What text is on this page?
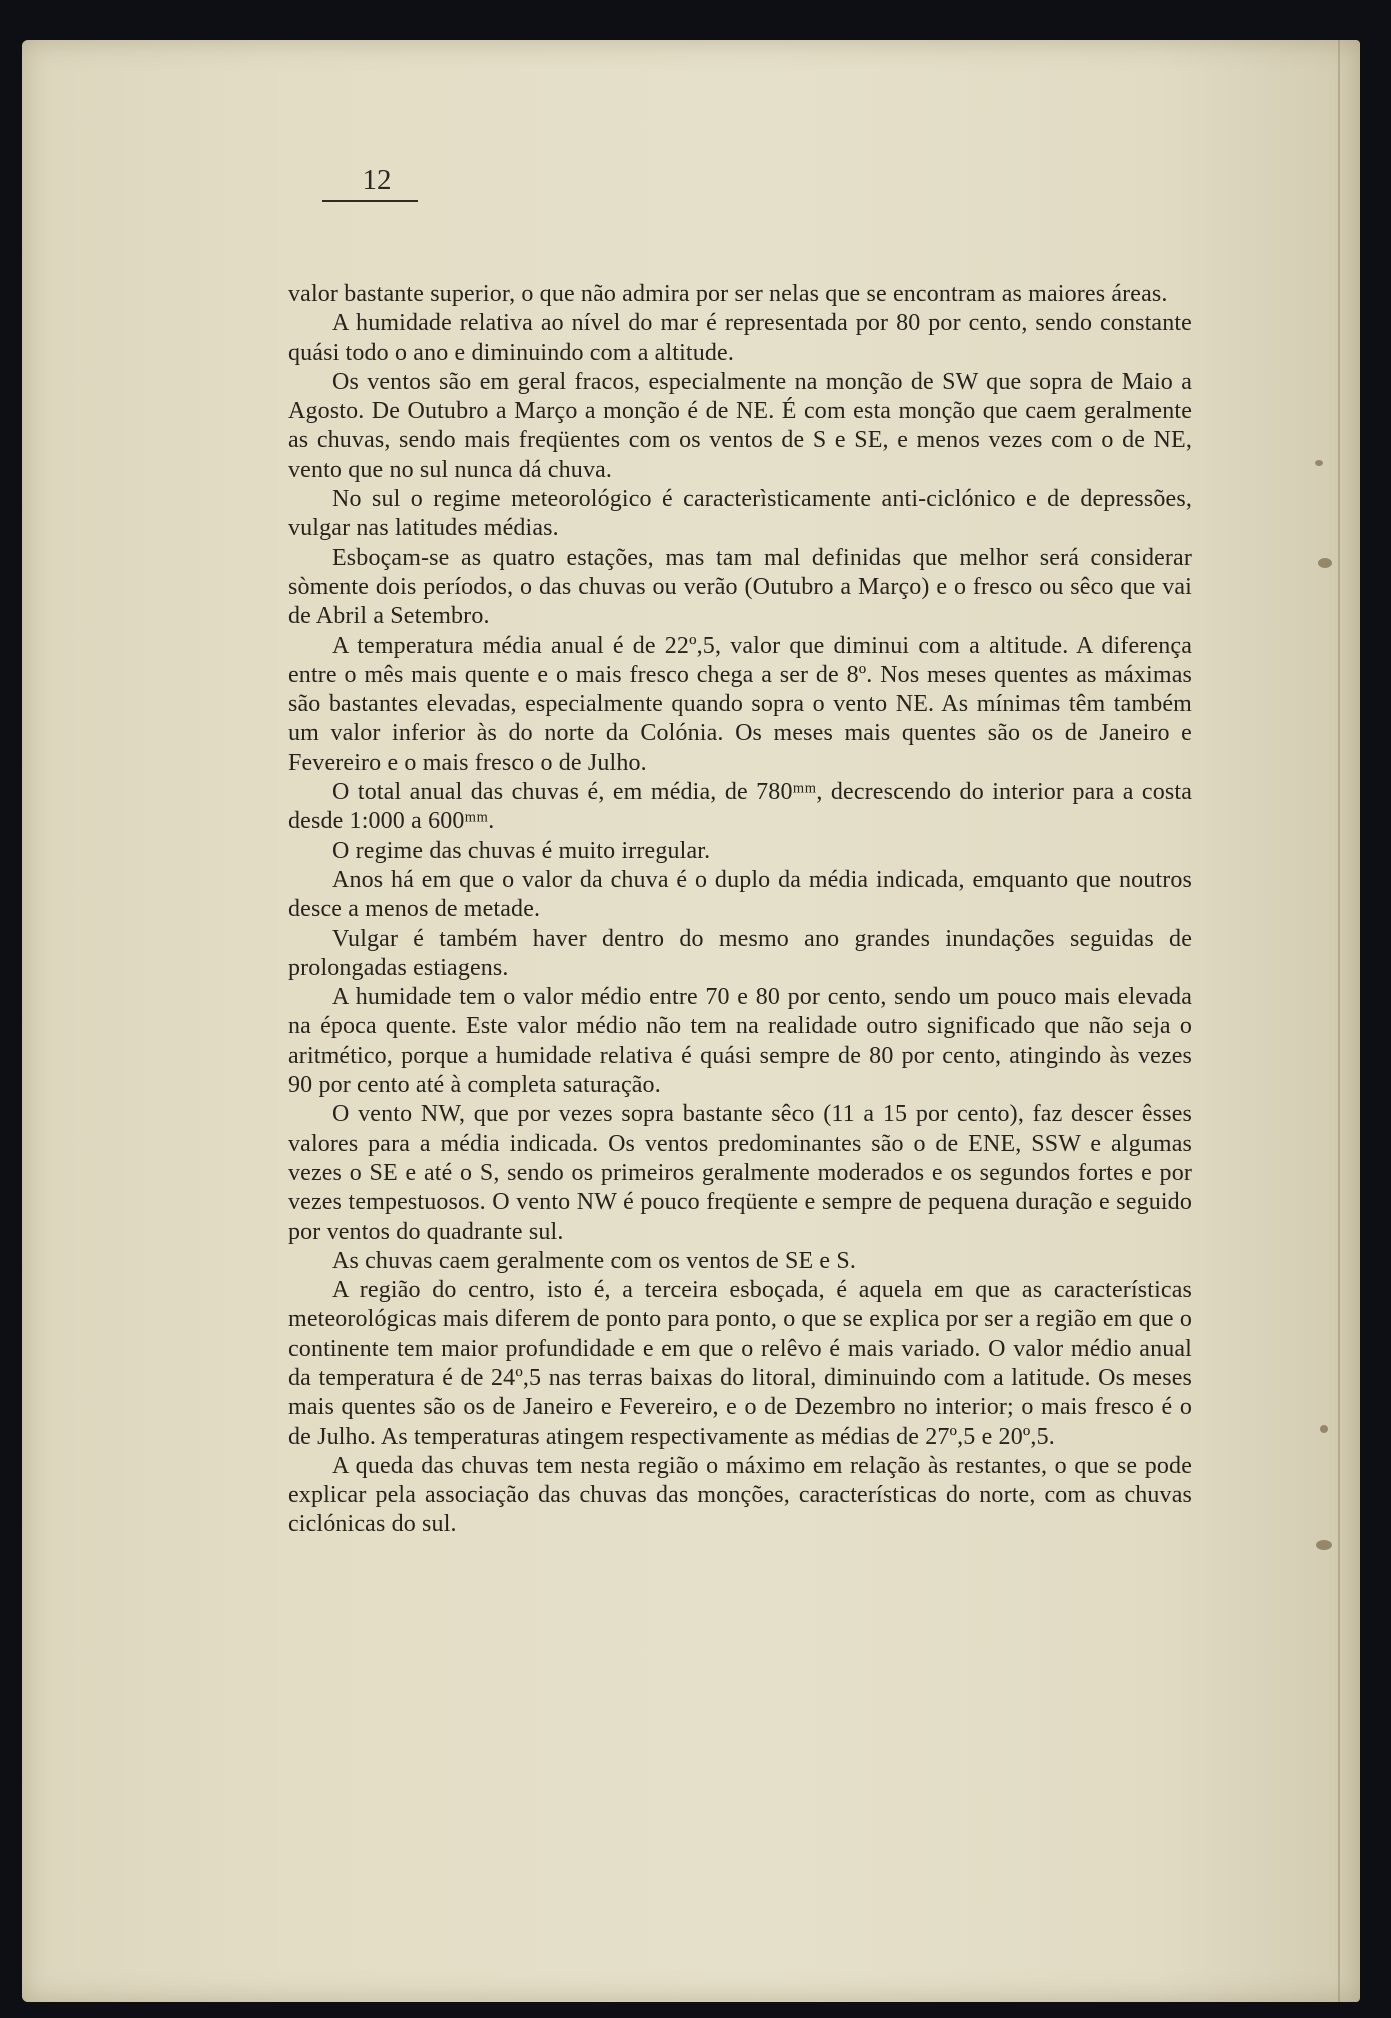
12

valor bastante superior, o que não admira por ser nelas que se encontram as maiores áreas.

A humidade relativa ao nível do mar é representada por 80 por cento, sendo constante quási todo o ano e diminuindo com a altitude.

Os ventos são em geral fracos, especialmente na monção de SW que sopra de Maio a Agosto. De Outubro a Março a monção é de NE. É com esta monção que caem geralmente as chuvas, sendo mais freqüentes com os ventos de S e SE, e menos vezes com o de NE, vento que no sul nunca dá chuva.

No sul o regime meteorológico é caracterìsticamente anti-ciclónico e de depressões, vulgar nas latitudes médias.

Esboçam-se as quatro estações, mas tam mal definidas que melhor será considerar sòmente dois períodos, o das chuvas ou verão (Outubro a Março) e o fresco ou sêco que vai de Abril a Setembro.

A temperatura média anual é de 22º,5, valor que diminui com a altitude. A diferença entre o mês mais quente e o mais fresco chega a ser de 8º. Nos meses quentes as máximas são bastantes elevadas, especialmente quando sopra o vento NE. As mínimas têm também um valor inferior às do norte da Colónia. Os meses mais quentes são os de Janeiro e Fevereiro e o mais fresco o de Julho.

O total anual das chuvas é, em média, de 780ᵐᵐ, decrescendo do interior para a costa desde 1:000 a 600ᵐᵐ.

O regime das chuvas é muito irregular.

Anos há em que o valor da chuva é o duplo da média indicada, emquanto que noutros desce a menos de metade.

Vulgar é também haver dentro do mesmo ano grandes inundações seguidas de prolongadas estiagens.

A humidade tem o valor médio entre 70 e 80 por cento, sendo um pouco mais elevada na época quente. Este valor médio não tem na realidade outro significado que não seja o aritmético, porque a humidade relativa é quási sempre de 80 por cento, atingindo às vezes 90 por cento até à completa saturação.

O vento NW, que por vezes sopra bastante sêco (11 a 15 por cento), faz descer êsses valores para a média indicada. Os ventos predominantes são o de ENE, SSW e algumas vezes o SE e até o S, sendo os primeiros geralmente moderados e os segundos fortes e por vezes tempestuosos. O vento NW é pouco freqüente e sempre de pequena duração e seguido por ventos do quadrante sul.

As chuvas caem geralmente com os ventos de SE e S.

A região do centro, isto é, a terceira esboçada, é aquela em que as características meteorológicas mais diferem de ponto para ponto, o que se explica por ser a região em que o continente tem maior profundidade e em que o relêvo é mais variado. O valor médio anual da temperatura é de 24º,5 nas terras baixas do litoral, diminuindo com a latitude. Os meses mais quentes são os de Janeiro e Fevereiro, e o de Dezembro no interior; o mais fresco é o de Julho. As temperaturas atingem respectivamente as médias de 27º,5 e 20º,5.

A queda das chuvas tem nesta região o máximo em relação às restantes, o que se pode explicar pela associação das chuvas das monções, características do norte, com as chuvas ciclónicas do sul.
